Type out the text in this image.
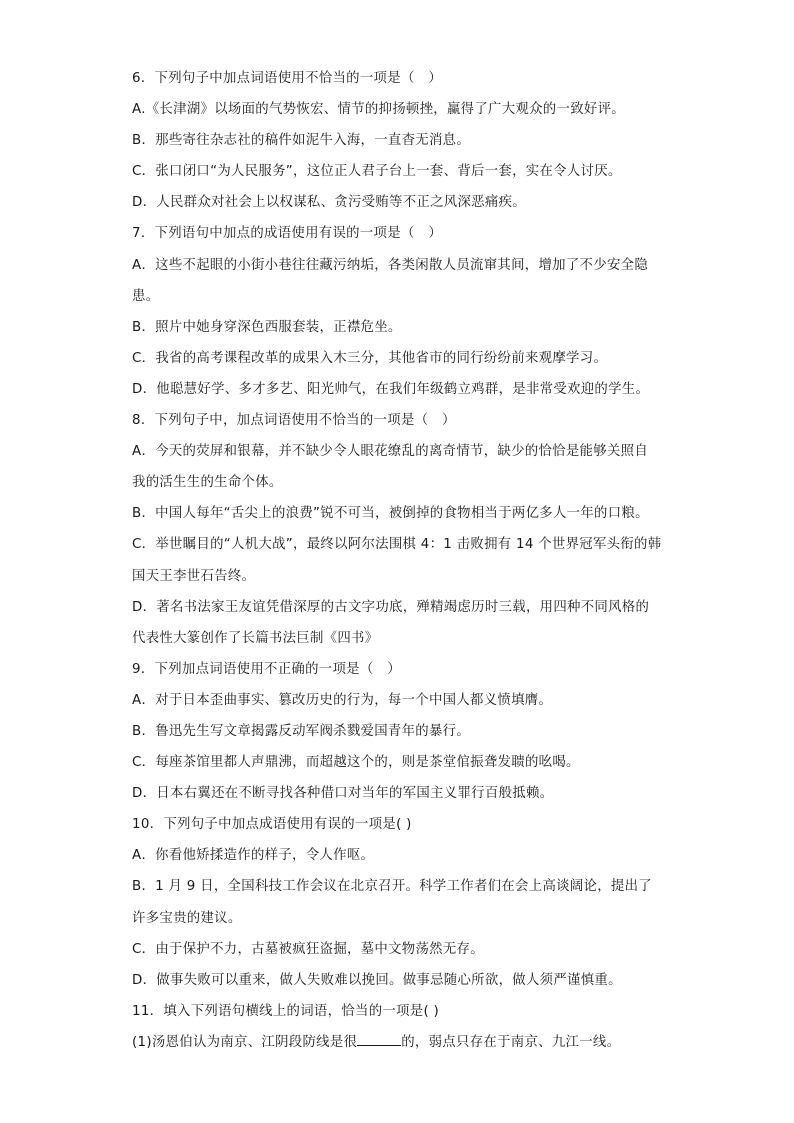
6．下列句子中加点词语使用不恰当的一项是（　）
A.《长津湖》以场面的气势恢宏、情节的抑扬顿挫，赢得了广大观众的一致好评。
B．那些寄往杂志社的稿件如泥牛入海，一直杳无消息。
C．张口闭口“为人民服务”，这位正人君子台上一套、背后一套，实在令人讨厌。
D．人民群众对社会上以权谋私、贪污受贿等不正之风深恶痛疾。
7．下列语句中加点的成语使用有误的一项是（　）
A．这些不起眼的小街小巷往往藏污纳垢，各类闲散人员流窜其间，增加了不少安全隐
患。
B．照片中她身穿深色西服套装，正襟危坐。
C．我省的高考课程改革的成果入木三分，其他省市的同行纷纷前来观摩学习。
D．他聪慧好学、多才多艺、阳光帅气，在我们年级鹤立鸡群，是非常受欢迎的学生。
8．下列句子中，加点词语使用不恰当的一项是（　）
A．今天的荧屏和银幕，并不缺少令人眼花缭乱的离奇情节，缺少的恰恰是能够关照自
我的活生生的生命个体。
B．中国人每年“舌尖上的浪费”锐不可当，被倒掉的食物相当于两亿多人一年的口粮。
C．举世瞩目的“人机大战”，最终以阿尔法围棋 4：1 击败拥有 14 个世界冠军头衔的韩
国天王李世石告终。
D．著名书法家王友谊凭借深厚的古文字功底，殚精竭虑历时三载，用四种不同风格的
代表性大篆创作了长篇书法巨制《四书》
9．下列加点词语使用不正确的一项是（　）
A．对于日本歪曲事实、篡改历史的行为，每一个中国人都义愤填膺。
B．鲁迅先生写文章揭露反动军阀杀戮爱国青年的暴行。
C．每座茶馆里都人声鼎沸，而超越这个的，则是茶堂倌振聋发聩的吆喝。
D．日本右翼还在不断寻找各种借口对当年的军国主义罪行百般抵赖。
10．下列句子中加点成语使用有误的一项是( )
A．你看他矫揉造作的样子，令人作呕。
B．1 月 9 日，全国科技工作会议在北京召开。科学工作者们在会上高谈阔论，提出了
许多宝贵的建议。
C．由于保护不力，古墓被疯狂盗掘，墓中文物荡然无存。
D．做事失败可以重来，做人失败难以挽回。做事忌随心所欲，做人须严谨慎重。
11．填入下列语句横线上的词语，恰当的一项是( )
(1)汤恩伯认为南京、江阴段防线是很	的，弱点只存在于南京、九江一线。
